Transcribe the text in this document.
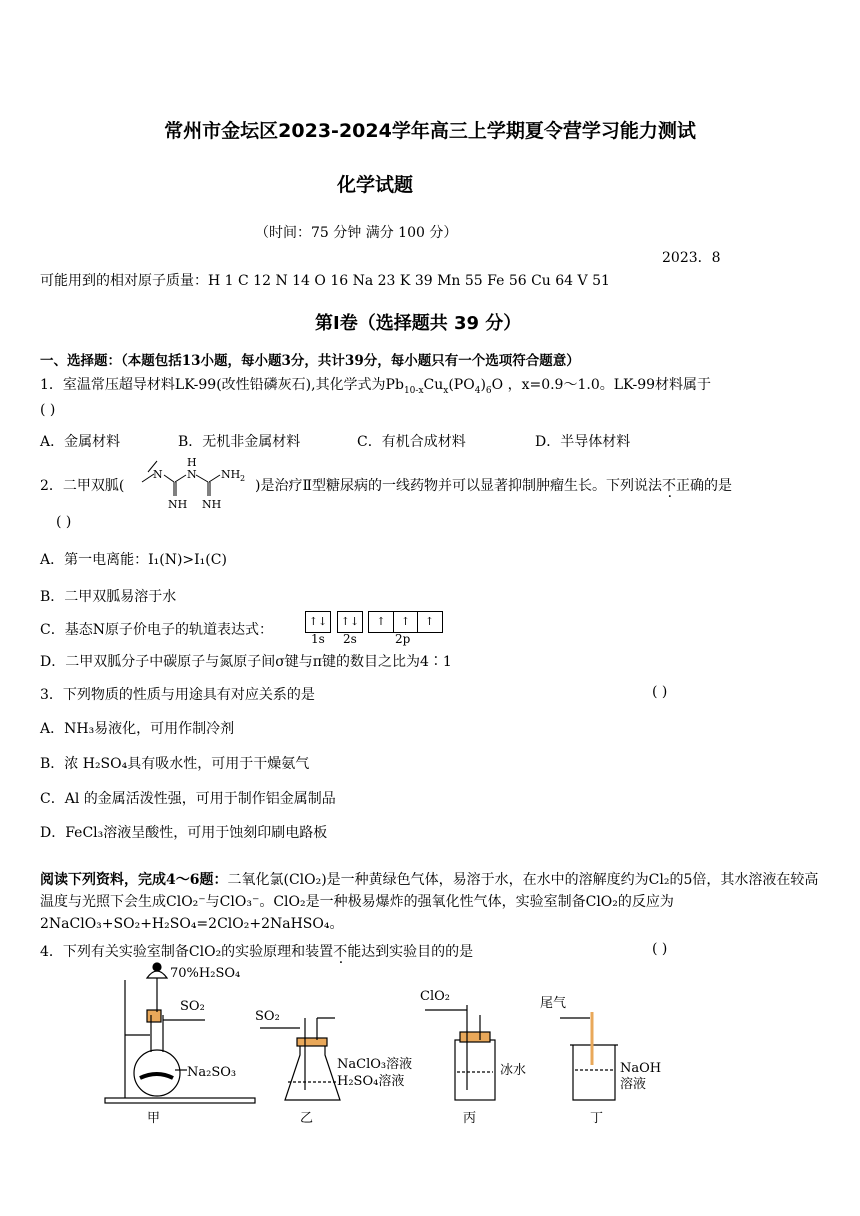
常州市金坛区2023-2024学年高三上学期夏令营学习能力测试
化学试题
（时间：75 分钟 满分 100 分）
2023．8
可能用到的相对原子质量：H 1 C 12 N 14 O 16 Na 23 K 39 Mn 55 Fe 56 Cu 64 V 51
第Ⅰ卷（选择题共 39 分）
一、选择题：（本题包括13小题，每小题3分，共计39分，每小题只有一个选项符合题意）
1．室温常压超导材料LK-99(改性铅磷灰石),其化学式为$Pb_{10-x}Cu_x(PO_4)_6O$ ，x=0.9～1.0。LK-99材料属于
( )
A．金属材料	B．无机非金属材料	C．有机合成材料	D．半导体材料
2．二甲双胍(
N N
H
NH 2
NH NH
)是治疗Ⅱ型糖尿病的一线药物并可以显著抑制肿瘤生长。下列说法不正确的是
( )
A．第一电离能：I₁(N)>I₁(C)
B．二甲双胍易溶于水
C．基态N原子价电子的轨道表达式：
↑↓	↑↓	↑ ↑ ↑
1s 2s	2p
D．二甲双胍分子中碳原子与氮原子间σ键与π键的数目之比为4∶1
3．下列物质的性质与用途具有对应关系的是	( )
A．NH₃易液化，可用作制冷剂
B．浓 H₂SO₄具有吸水性，可用于干燥氨气
C．Al 的金属活泼性强，可用于制作铝金属制品
D．FeCl₃溶液呈酸性，可用于蚀刻印刷电路板
阅读下列资料，完成4～6题：二氧化氯(ClO₂)是一种黄绿色气体，易溶于水，在水中的溶解度约为Cl₂的5倍，其水溶液在较高温度与光照下会生成ClO₂⁻与ClO₃⁻。ClO₂是一种极易爆炸的强氧化性气体，实验室制备ClO₂的反应为2NaClO₃+SO₂+H₂SO₄=2ClO₂+2NaHSO₄。
4．下列有关实验室制备ClO₂的实验原理和装置不能达到实验目的的是	( )
70%H₂SO₄
SO₂
Na₂SO₃
甲
SO₂
NaClO₃溶液
H₂SO₄溶液
乙
ClO₂
冰水
丙
尾气
NaOH
溶液
丁
